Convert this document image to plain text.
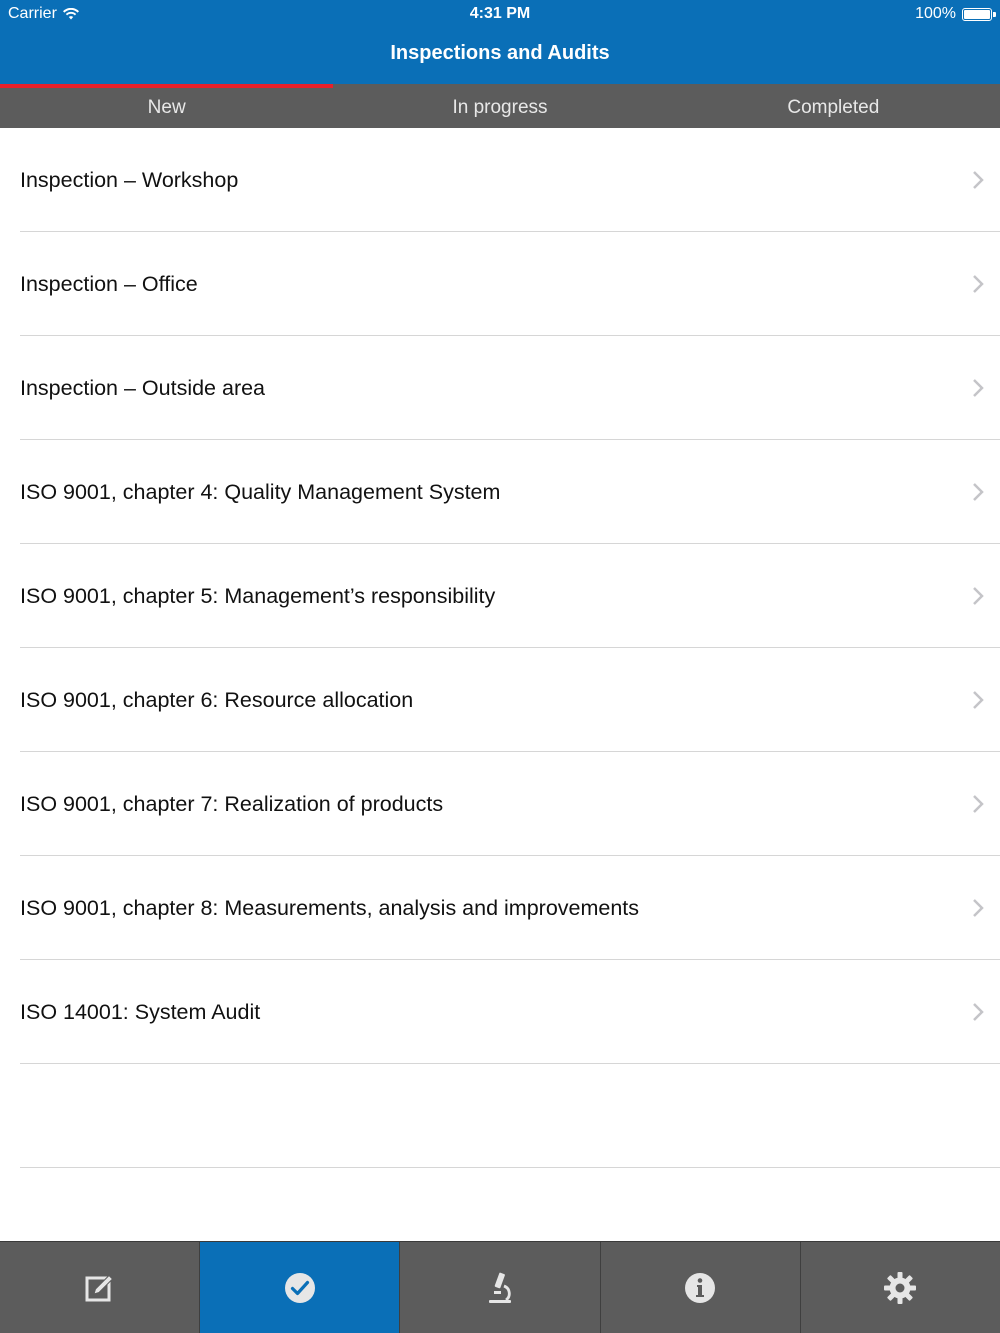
Carrier	4:31 PM	100%
Inspections and Audits
New	In progress	Completed
Inspection – Workshop
Inspection – Office
Inspection – Outside area
ISO 9001, chapter 4: Quality Management System
ISO 9001, chapter 5: Management’s responsibility
ISO 9001, chapter 6: Resource allocation
ISO 9001, chapter 7: Realization of products
ISO 9001, chapter 8: Measurements, analysis and improvements
ISO 14001: System Audit
